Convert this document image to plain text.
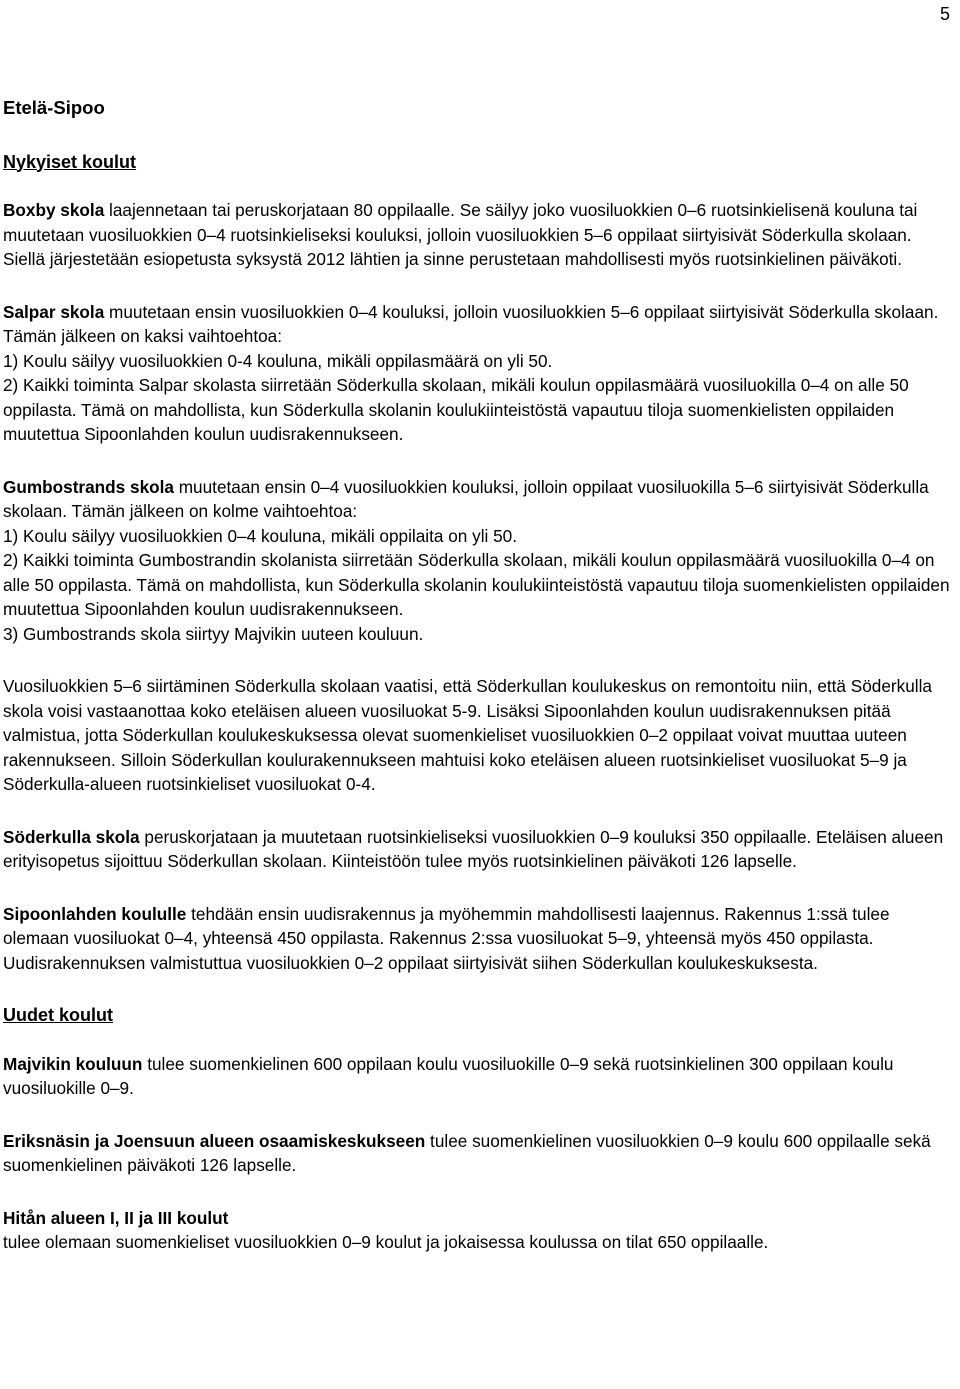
5

Etelä-Sipoo

Nykyiset koulut

Boxby skola laajennetaan tai peruskorjataan 80 oppilaalle. Se säilyy joko vuosiluokkien 0–6 ruotsinkielisenä kouluna tai muutetaan vuosiluokkien 0–4 ruotsinkieliseksi kouluksi, jolloin vuosiluokkien 5–6 oppilaat siirtyisivät Söderkulla skolaan. Siellä järjestetään esiopetusta syksystä 2012 lähtien ja sinne perustetaan mahdollisesti myös ruotsinkielinen päiväkoti.

Salpar skola muutetaan ensin vuosiluokkien 0–4 kouluksi, jolloin vuosiluokkien 5–6 oppilaat siirtyisivät Söderkulla skolaan. Tämän jälkeen on kaksi vaihtoehtoa:
1) Koulu säilyy vuosiluokkien 0-4 kouluna, mikäli oppilasmäärä on yli 50.
2) Kaikki toiminta Salpar skolasta siirretään Söderkulla skolaan, mikäli koulun oppilasmäärä vuosiluokilla 0–4 on alle 50 oppilasta. Tämä on mahdollista, kun Söderkulla skolanin koulukiinteistöstä vapautuu tiloja suomenkielisten oppilaiden muutettua Sipoonlahden koulun uudisrakennukseen.

Gumbostrands skola muutetaan ensin 0–4 vuosiluokkien kouluksi, jolloin oppilaat vuosiluokilla 5–6 siirtyisivät Söderkulla skolaan. Tämän jälkeen on kolme vaihtoehtoa:
1) Koulu säilyy vuosiluokkien 0–4 kouluna, mikäli oppilaita on yli 50.
2) Kaikki toiminta Gumbostrandin skolanista siirretään Söderkulla skolaan, mikäli koulun oppilasmäärä vuosiluokilla 0–4 on alle 50 oppilasta. Tämä on mahdollista, kun Söderkulla skolanin koulukiinteistöstä vapautuu tiloja suomenkielisten oppilaiden muutettua Sipoonlahden koulun uudisrakennukseen.
3) Gumbostrands skola siirtyy Majvikin uuteen kouluun.

Vuosiluokkien 5–6 siirtäminen Söderkulla skolaan vaatisi, että Söderkullan koulukeskus on remontoitu niin, että Söderkulla skola voisi vastaanottaa koko eteläisen alueen vuosiluokat 5-9. Lisäksi Sipoonlahden koulun uudisrakennuksen pitää valmistua, jotta Söderkullan koulukeskuksessa olevat suomenkieliset vuosiluokkien 0–2 oppilaat voivat muuttaa uuteen rakennukseen. Silloin Söderkullan koulurakennukseen mahtuisi koko eteläisen alueen ruotsinkieliset vuosiluokat 5–9 ja Söderkulla-alueen ruotsinkieliset vuosiluokat 0-4.

Söderkulla skola peruskorjataan ja muutetaan ruotsinkieliseksi vuosiluokkien 0–9 kouluksi 350 oppilaalle. Eteläisen alueen erityisopetus sijoittuu Söderkullan skolaan. Kiinteistöön tulee myös ruotsinkielinen päiväkoti 126 lapselle.

Sipoonlahden koululle tehdään ensin uudisrakennus ja myöhemmin mahdollisesti laajennus. Rakennus 1:ssä tulee olemaan vuosiluokat 0–4, yhteensä 450 oppilasta. Rakennus 2:ssa vuosiluokat 5–9, yhteensä myös 450 oppilasta. Uudisrakennuksen valmistuttua vuosiluokkien 0–2 oppilaat siirtyisivät siihen Söderkullan koulukeskuksesta.

Uudet koulut

Majvikin kouluun tulee suomenkielinen 600 oppilaan koulu vuosiluokille 0–9 sekä ruotsinkielinen 300 oppilaan koulu vuosiluokille 0–9.

Eriksnäsin ja Joensuun alueen osaamiskeskukseen tulee suomenkielinen vuosiluokkien 0–9 koulu 600 oppilaalle sekä suomenkielinen päiväkoti 126 lapselle.

Hitån alueen I, II ja III koulut
tulee olemaan suomenkieliset vuosiluokkien 0–9 koulut ja jokaisessa koulussa on tilat 650 oppilaalle.
